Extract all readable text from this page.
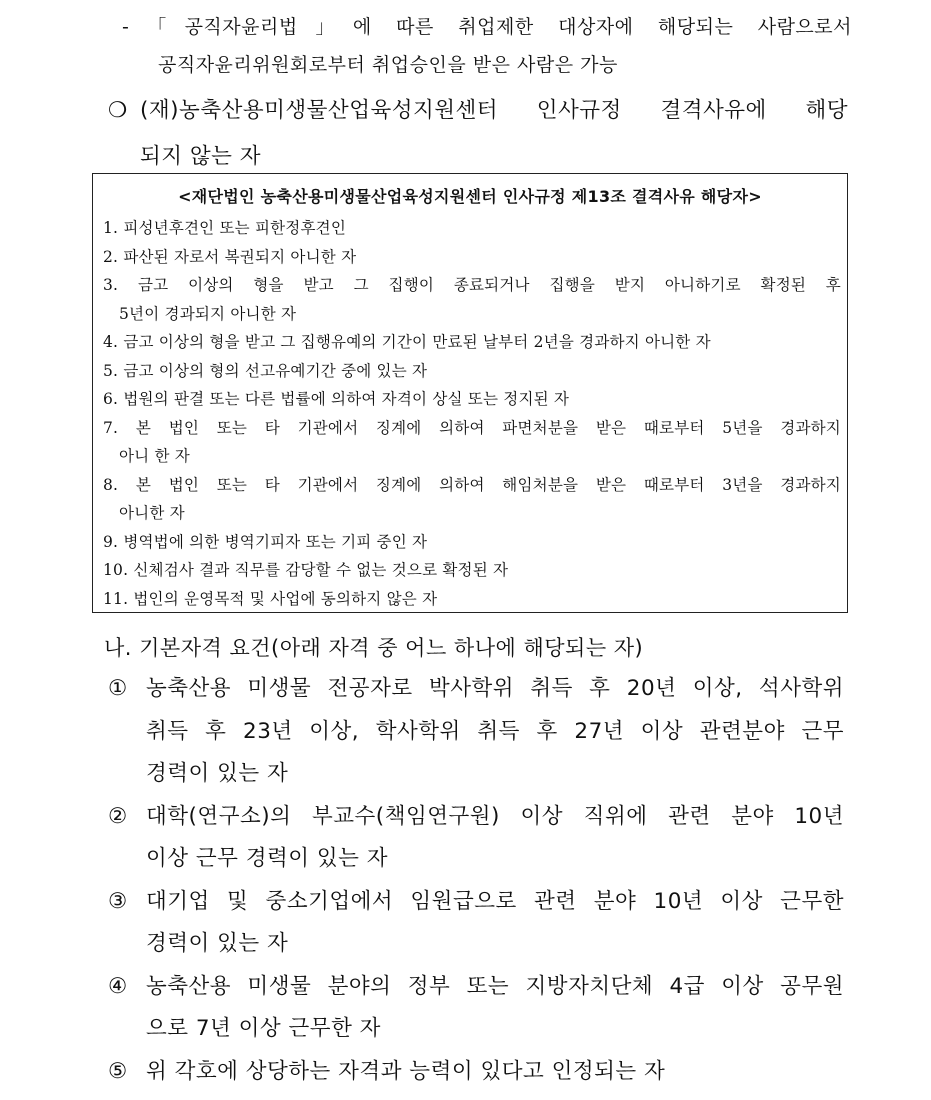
-「공직자윤리법」에 따른 취업제한 대상자에 해당되는 사람으로서
공직자윤리위원회로부터 취업승인을 받은 사람은 가능
❍ (재)농축산용미생물산업육성지원센터 인사규정 결격사유에 해당
되지 않는 자
<재단법인 농축산용미생물산업육성지원센터 인사규정 제13조 결격사유 해당자>
1. 피성년후견인 또는 피한정후견인
2. 파산된 자로서 복권되지 아니한 자
3. 금고 이상의 형을 받고 그 집행이 종료되거나 집행을 받지 아니하기로 확정된 후
5년이 경과되지 아니한 자
4. 금고 이상의 형을 받고 그 집행유예의 기간이 만료된 날부터 2년을 경과하지 아니한 자
5. 금고 이상의 형의 선고유예기간 중에 있는 자
6. 법원의 판결 또는 다른 법률에 의하여 자격이 상실 또는 정지된 자
7. 본 법인 또는 타 기관에서 징계에 의하여 파면처분을 받은 때로부터 5년을 경과하지
아니 한 자
8. 본 법인 또는 타 기관에서 징계에 의하여 해임처분을 받은 때로부터 3년을 경과하지
아니한 자
9. 병역법에 의한 병역기피자 또는 기피 중인 자
10. 신체검사 결과 직무를 감당할 수 없는 것으로 확정된 자
11. 법인의 운영목적 및 사업에 동의하지 않은 자
나. 기본자격 요건(아래 자격 중 어느 하나에 해당되는 자)
① 농축산용 미생물 전공자로 박사학위 취득 후 20년 이상, 석사학위
취득 후 23년 이상, 학사학위 취득 후 27년 이상 관련분야 근무
경력이 있는 자
② 대학(연구소)의 부교수(책임연구원) 이상 직위에 관련 분야 10년
이상 근무 경력이 있는 자
③ 대기업 및 중소기업에서 임원급으로 관련 분야 10년 이상 근무한
경력이 있는 자
④ 농축산용 미생물 분야의 정부 또는 지방자치단체 4급 이상 공무원
으로 7년 이상 근무한 자
⑤ 위 각호에 상당하는 자격과 능력이 있다고 인정되는 자
